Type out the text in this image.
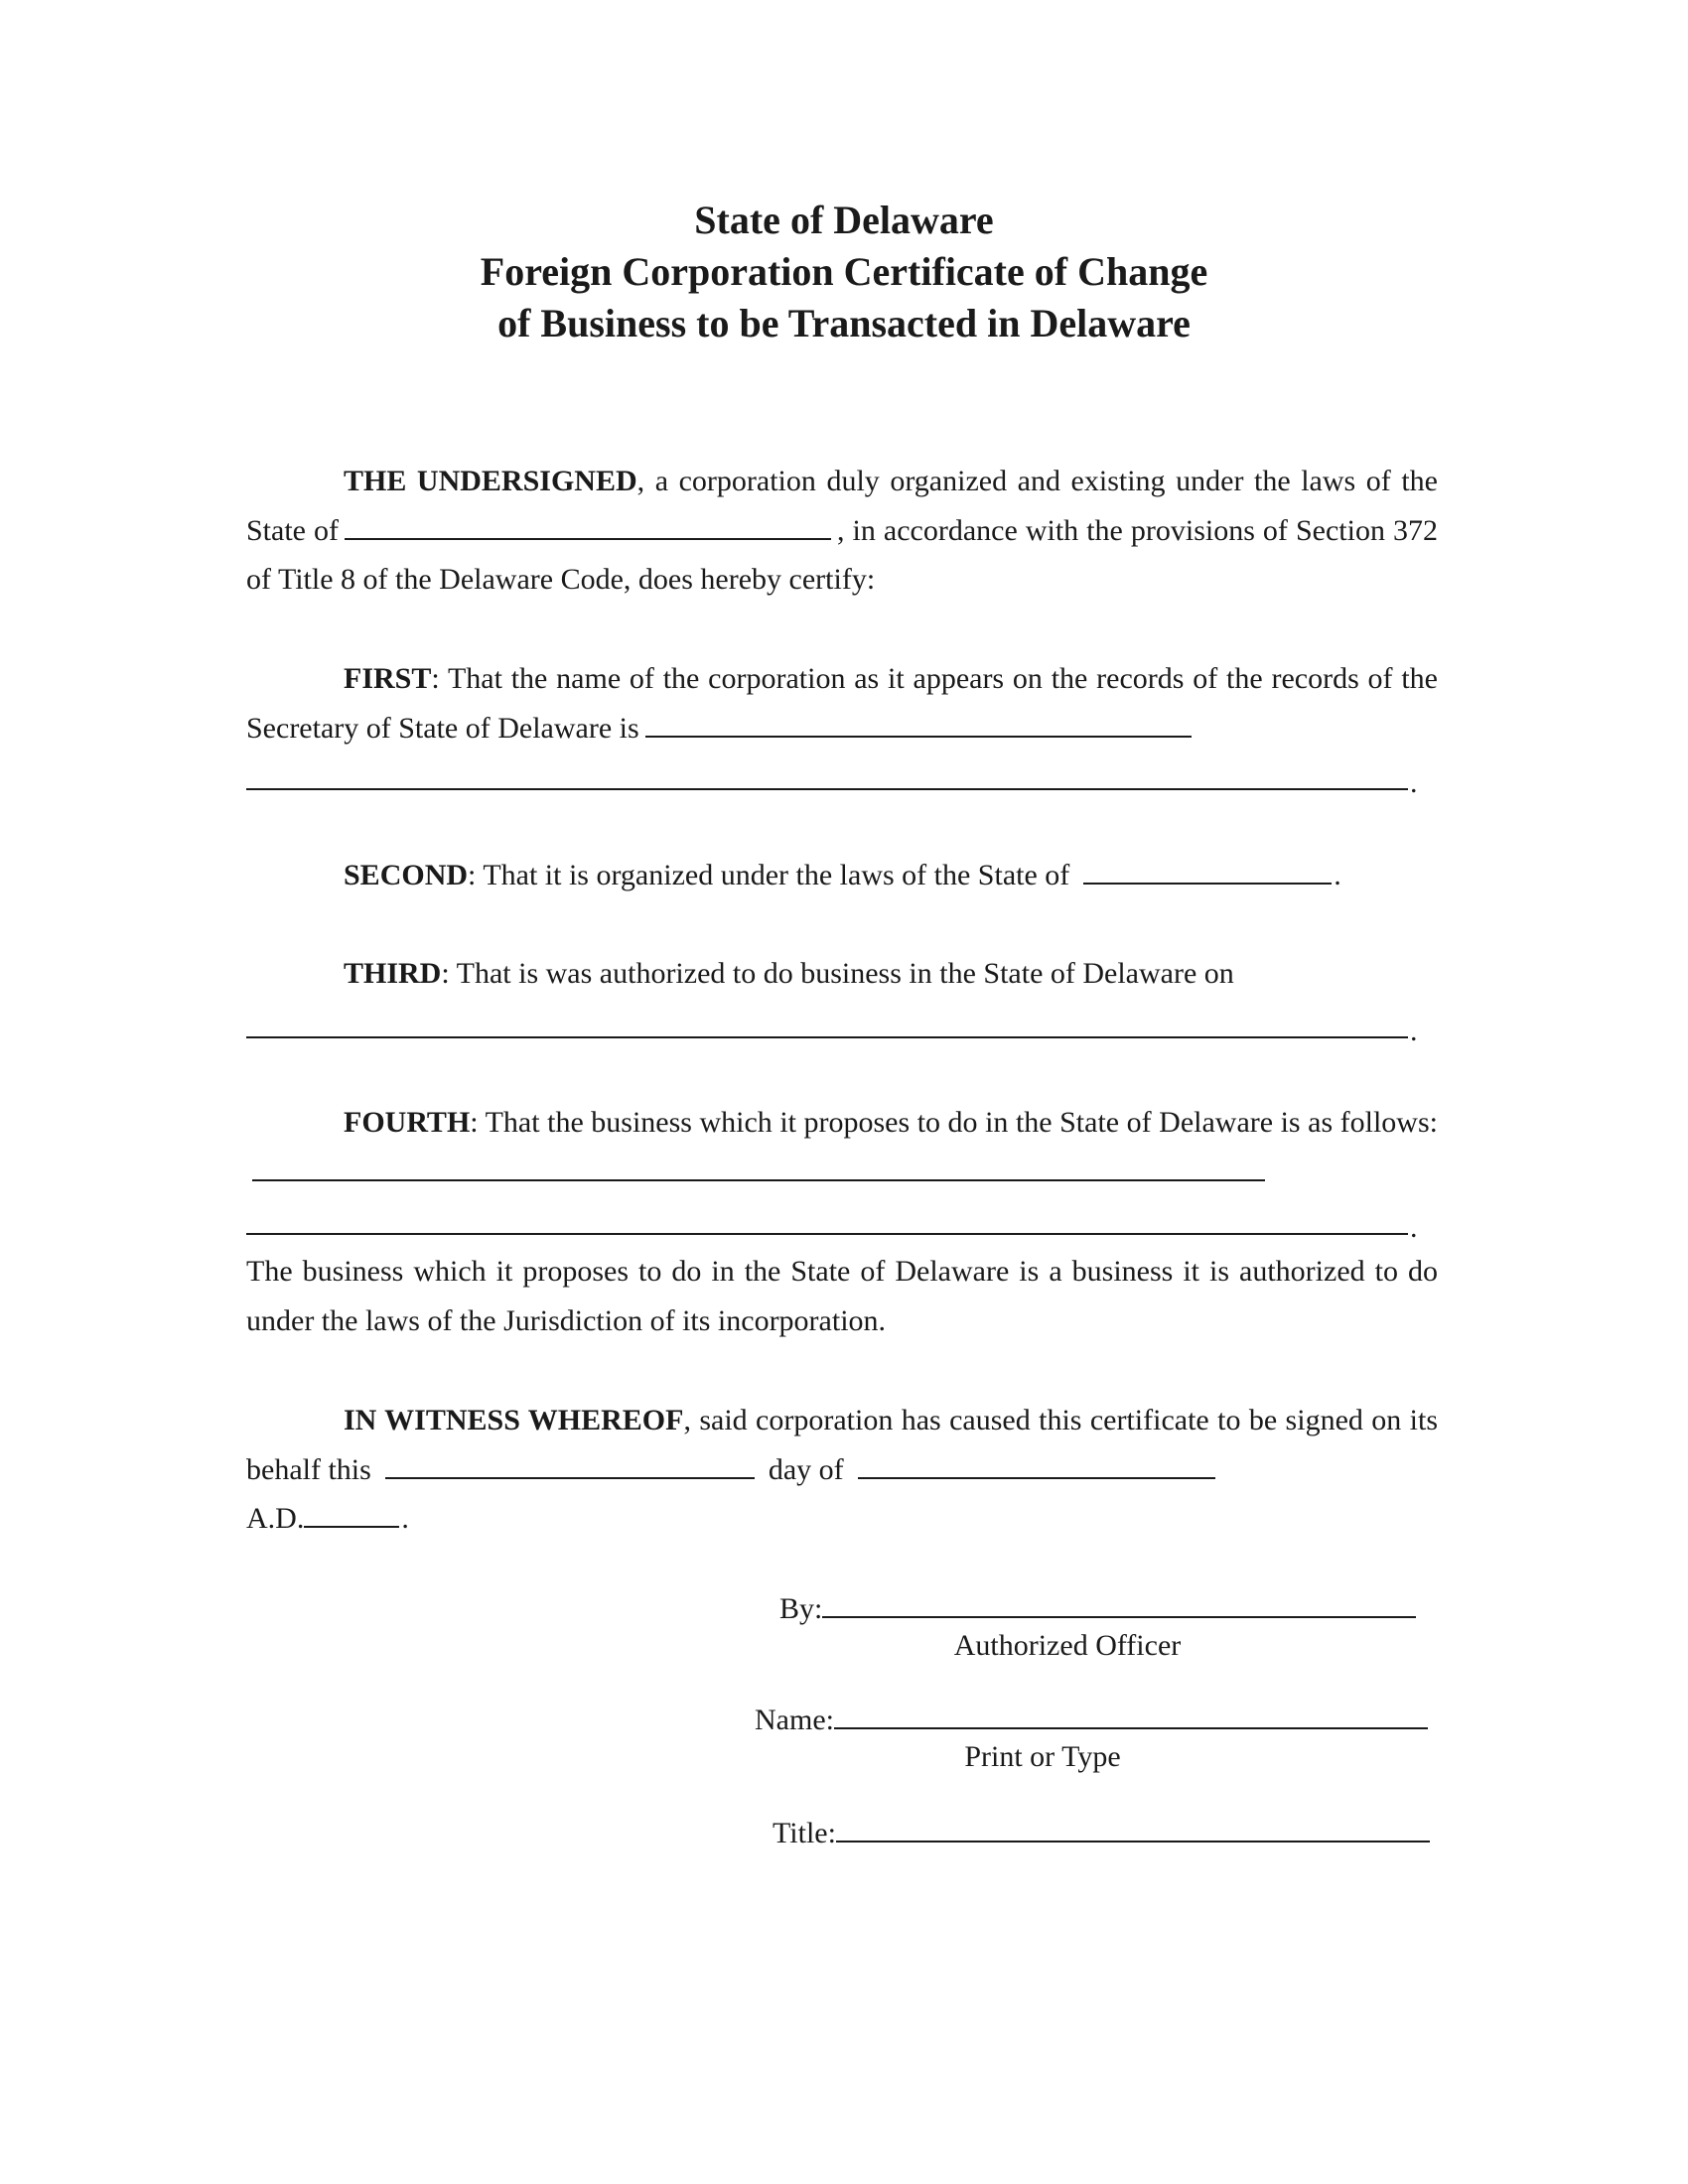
State of Delaware
Foreign Corporation Certificate of Change
of Business to be Transacted in Delaware
THE UNDERSIGNED, a corporation duly organized and existing under the laws of the State of	, in accordance with the provisions of Section 372 of Title 8 of the Delaware Code, does hereby certify:
FIRST: That the name of the corporation as it appears on the records of the records of the Secretary of State of Delaware is
.
SECOND: That it is organized under the laws of the State of	.
THIRD: That is was authorized to do business in the State of Delaware on
.
FOURTH: That the business which it proposes to do in the State of Delaware is as follows:
.
The business which it proposes to do in the State of Delaware is a business it is authorized to do under the laws of the Jurisdiction of its incorporation.
IN WITNESS WHEREOF, said corporation has caused this certificate to be signed on its behalf this	day of
A.D.	.
By:
Authorized Officer
Name:
Print or Type
Title:
